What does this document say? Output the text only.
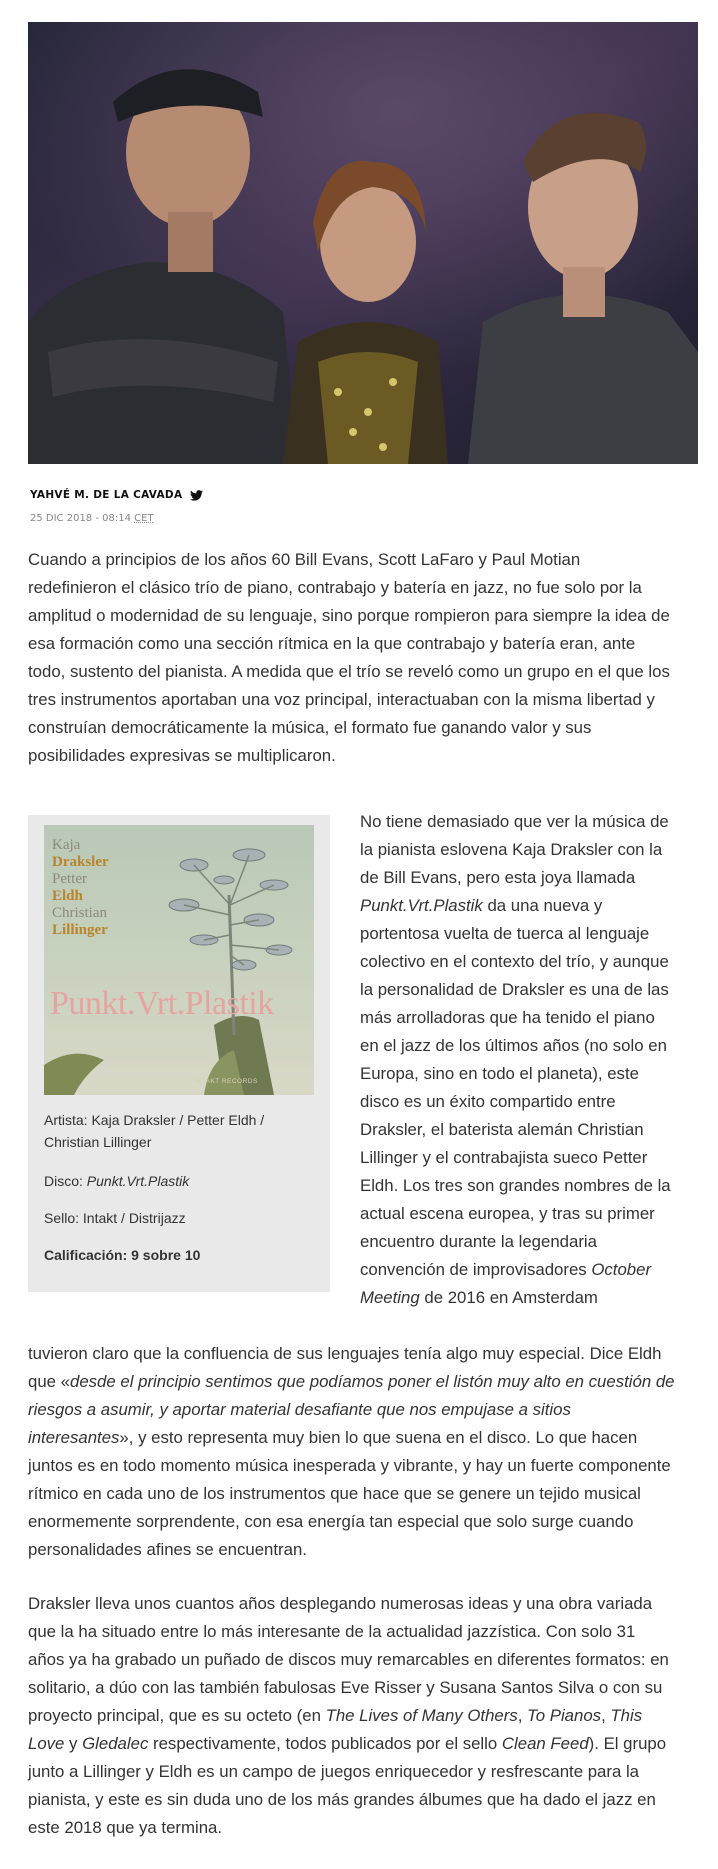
YAHVÉ M. DE LA CAVADA
25 DIC 2018 - 08:14 CET

Cuando a principios de los años 60 Bill Evans, Scott LaFaro y Paul Motian redefinieron el clásico trío de piano, contrabajo y batería en jazz, no fue solo por la amplitud o modernidad de su lenguaje, sino porque rompieron para siempre la idea de esa formación como una sección rítmica en la que contrabajo y batería eran, ante todo, sustento del pianista. A medida que el trío se reveló como un grupo en el que los tres instrumentos aportaban una voz principal, interactuaban con la misma libertad y construían democráticamente la música, el formato fue ganando valor y sus posibilidades expresivas se multiplicaron.

Kaja
Draksler
Petter
Eldh
Christian
Lillinger
Punkt.Vrt.Plastik
INTAKT RECORDS
Artista: Kaja Draksler / Petter Eldh / Christian Lillinger
Disco: Punkt.Vrt.Plastik
Sello: Intakt / Distrijazz
Calificación: 9 sobre 10

No tiene demasiado que ver la música de la pianista eslovena Kaja Draksler con la de Bill Evans, pero esta joya llamada Punkt.Vrt.Plastik da una nueva y portentosa vuelta de tuerca al lenguaje colectivo en el contexto del trío, y aunque la personalidad de Draksler es una de las más arrolladoras que ha tenido el piano en el jazz de los últimos años (no solo en Europa, sino en todo el planeta), este disco es un éxito compartido entre Draksler, el baterista alemán Christian Lillinger y el contrabajista sueco Petter Eldh. Los tres son grandes nombres de la actual escena europea, y tras su primer encuentro durante la legendaria convención de improvisadores October Meeting de 2016 en Amsterdam

tuvieron claro que la confluencia de sus lenguajes tenía algo muy especial. Dice Eldh que «desde el principio sentimos que podíamos poner el listón muy alto en cuestión de riesgos a asumir, y aportar material desafiante que nos empujase a sitios interesantes», y esto representa muy bien lo que suena en el disco. Lo que hacen juntos es en todo momento música inesperada y vibrante, y hay un fuerte componente rítmico en cada uno de los instrumentos que hace que se genere un tejido musical enormemente sorprendente, con esa energía tan especial que solo surge cuando personalidades afines se encuentran.

Draksler lleva unos cuantos años desplegando numerosas ideas y una obra variada que la ha situado entre lo más interesante de la actualidad jazzística. Con solo 31 años ya ha grabado un puñado de discos muy remarcables en diferentes formatos: en solitario, a dúo con las también fabulosas Eve Risser y Susana Santos Silva o con su proyecto principal, que es su octeto (en The Lives of Many Others, To Pianos, This Love y Gledalec respectivamente, todos publicados por el sello Clean Feed). El grupo junto a Lillinger y Eldh es un campo de juegos enriquecedor y resfrescante para la pianista, y este es sin duda uno de los más grandes álbumes que ha dado el jazz en este 2018 que ya termina.
